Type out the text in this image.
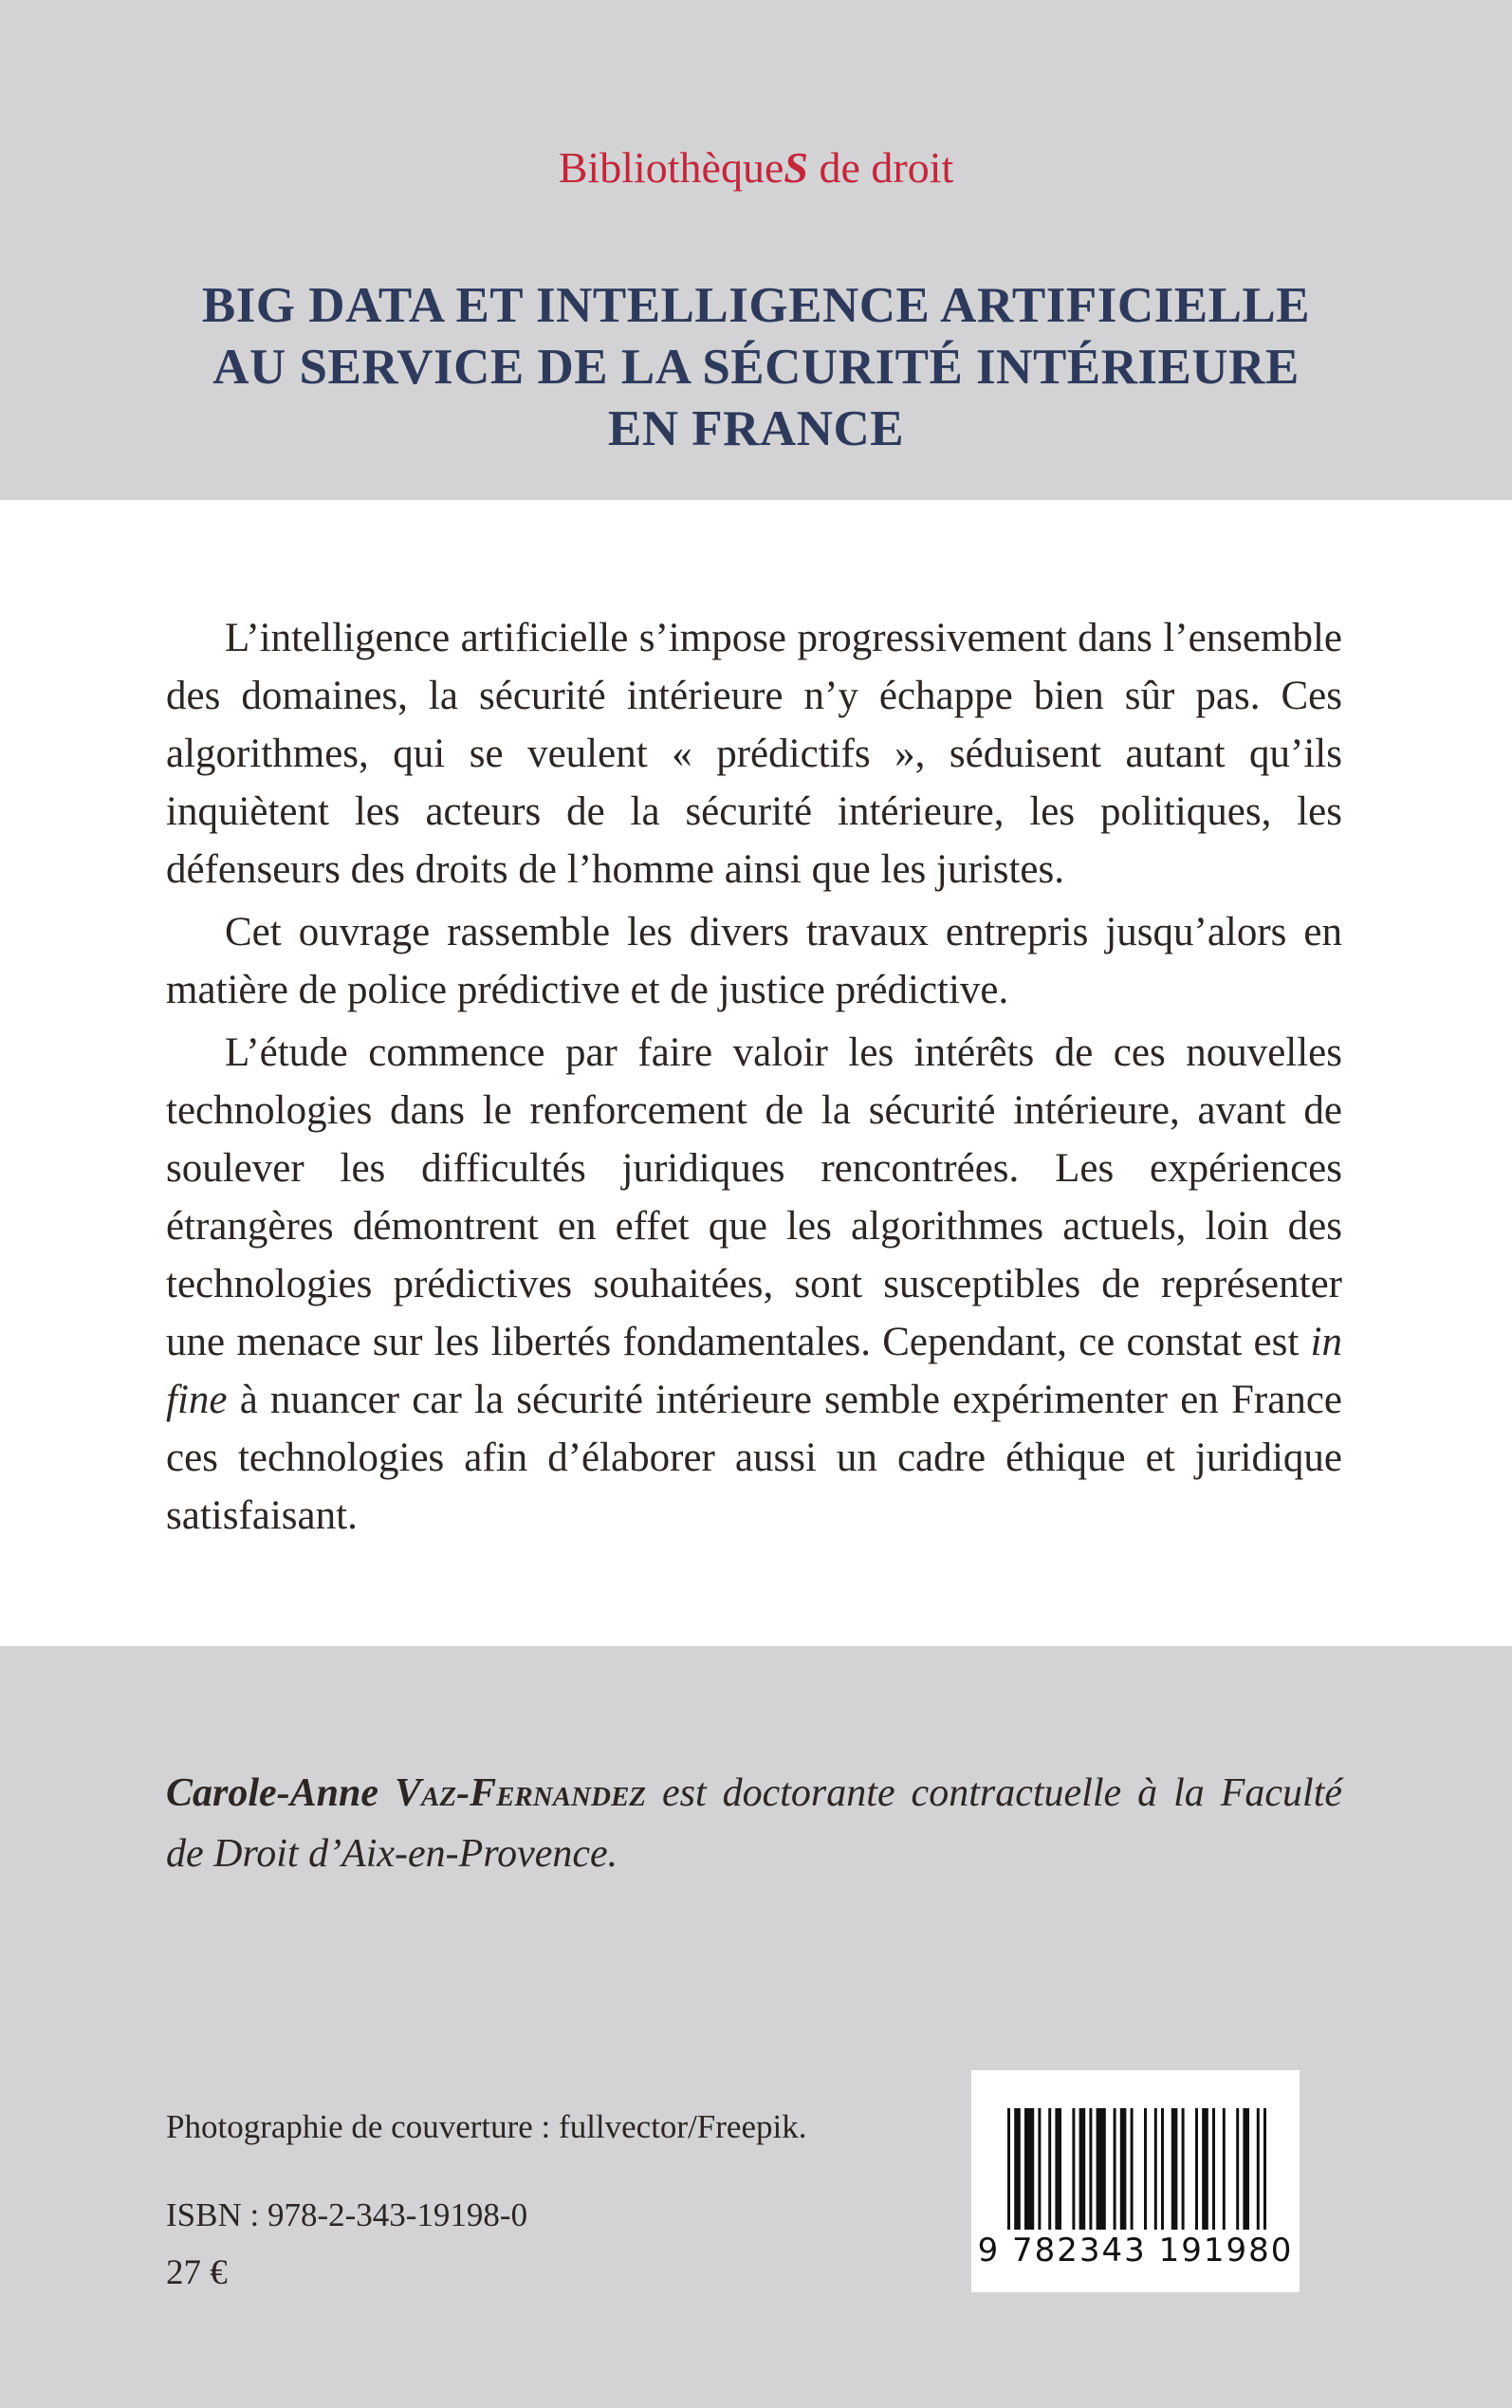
BibliothèqueS de droit
BIG DATA ET INTELLIGENCE ARTIFICIELLE
AU SERVICE DE LA SÉCURITÉ INTÉRIEURE
EN FRANCE

L’intelligence artificielle s’impose progressivement dans l’ensemble des domaines, la sécurité intérieure n’y échappe bien sûr pas. Ces algorithmes, qui se veulent « prédictifs », séduisent autant qu’ils inquiètent les acteurs de la sécurité intérieure, les politiques, les défenseurs des droits de l’homme ainsi que les juristes.

Cet ouvrage rassemble les divers travaux entrepris jusqu’alors en matière de police prédictive et de justice prédictive.

L’étude commence par faire valoir les intérêts de ces nouvelles technologies dans le renforcement de la sécurité intérieure, avant de soulever les difficultés juridiques rencontrées. Les expériences étrangères démontrent en effet que les algorithmes actuels, loin des technologies prédictives souhaitées, sont susceptibles de représenter une menace sur les libertés fondamentales. Cependant, ce constat est in fine à nuancer car la sécurité intérieure semble expérimenter en France ces technologies afin d’élaborer aussi un cadre éthique et juridique satisfaisant.

Carole-Anne Vaz-Fernandez est doctorante contractuelle à la Faculté de Droit d’Aix-en-Provence.
Photographie de couverture : fullvector/Freepik.
ISBN : 978-2-343-19198-0
27 €
9 782343 191980
